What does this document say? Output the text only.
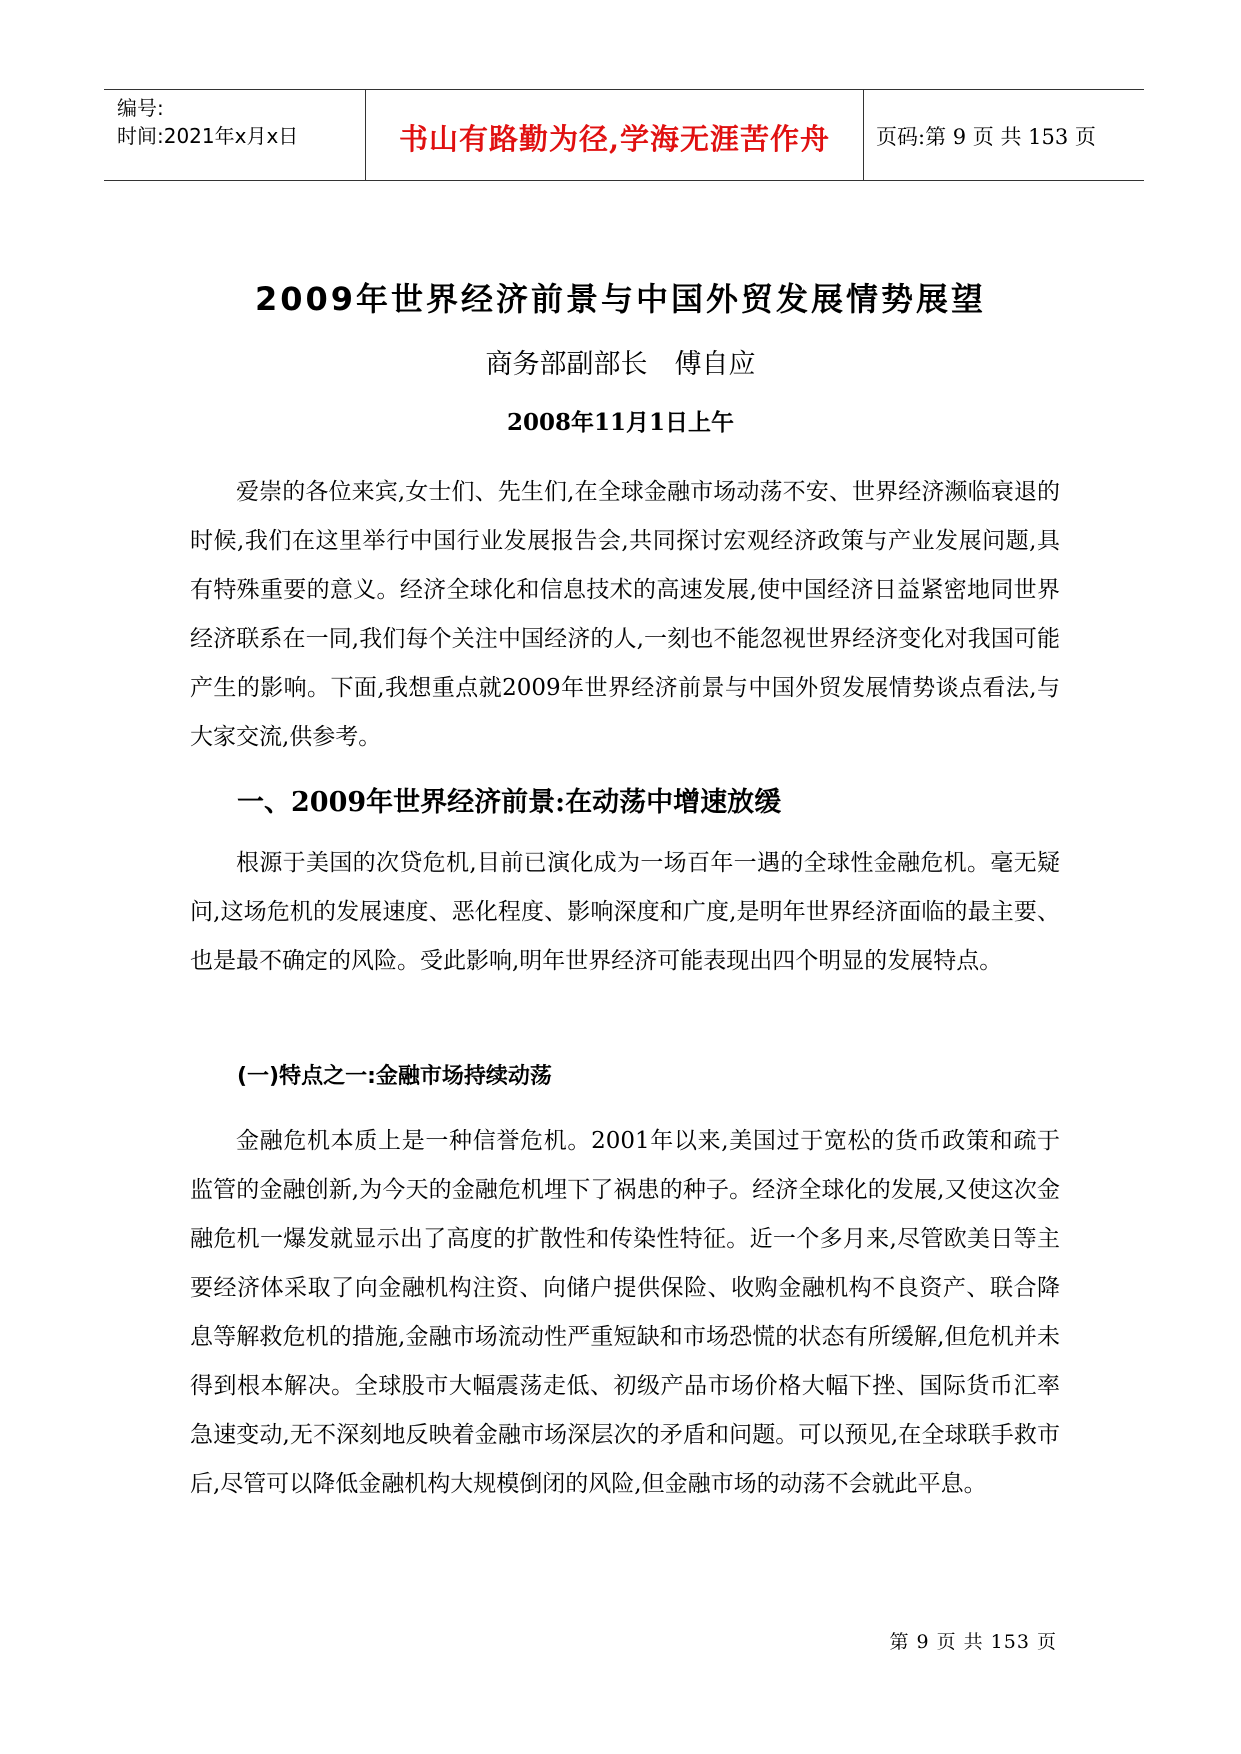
编号:
时间:2021年x月x日	书山有路勤为径,学海无涯苦作舟	页码:第 9 页 共 153 页
2009年世界经济前景与中国外贸发展情势展望
商务部副部长　傅自应
2008年11月1日上午
爱崇的各位来宾,女士们、先生们,在全球金融市场动荡不安、世界经济濒临衰退的时候,我们在这里举行中国行业发展报告会,共同探讨宏观经济政策与产业发展问题,具有特殊重要的意义。经济全球化和信息技术的高速发展,使中国经济日益紧密地同世界经济联系在一同,我们每个关注中国经济的人,一刻也不能忽视世界经济变化对我国可能产生的影响。下面,我想重点就2009年世界经济前景与中国外贸发展情势谈点看法,与大家交流,供参考。
一、2009年世界经济前景:在动荡中增速放缓
根源于美国的次贷危机,目前已演化成为一场百年一遇的全球性金融危机。毫无疑问,这场危机的发展速度、恶化程度、影响深度和广度,是明年世界经济面临的最主要、也是最不确定的风险。受此影响,明年世界经济可能表现出四个明显的发展特点。
(一)特点之一:金融市场持续动荡
金融危机本质上是一种信誉危机。2001年以来,美国过于宽松的货币政策和疏于监管的金融创新,为今天的金融危机埋下了祸患的种子。经济全球化的发展,又使这次金融危机一爆发就显示出了高度的扩散性和传染性特征。近一个多月来,尽管欧美日等主要经济体采取了向金融机构注资、向储户提供保险、收购金融机构不良资产、联合降息等解救危机的措施,金融市场流动性严重短缺和市场恐慌的状态有所缓解,但危机并未得到根本解决。全球股市大幅震荡走低、初级产品市场价格大幅下挫、国际货币汇率急速变动,无不深刻地反映着金融市场深层次的矛盾和问题。可以预见,在全球联手救市后,尽管可以降低金融机构大规模倒闭的风险,但金融市场的动荡不会就此平息。
第 9 页 共 153 页
